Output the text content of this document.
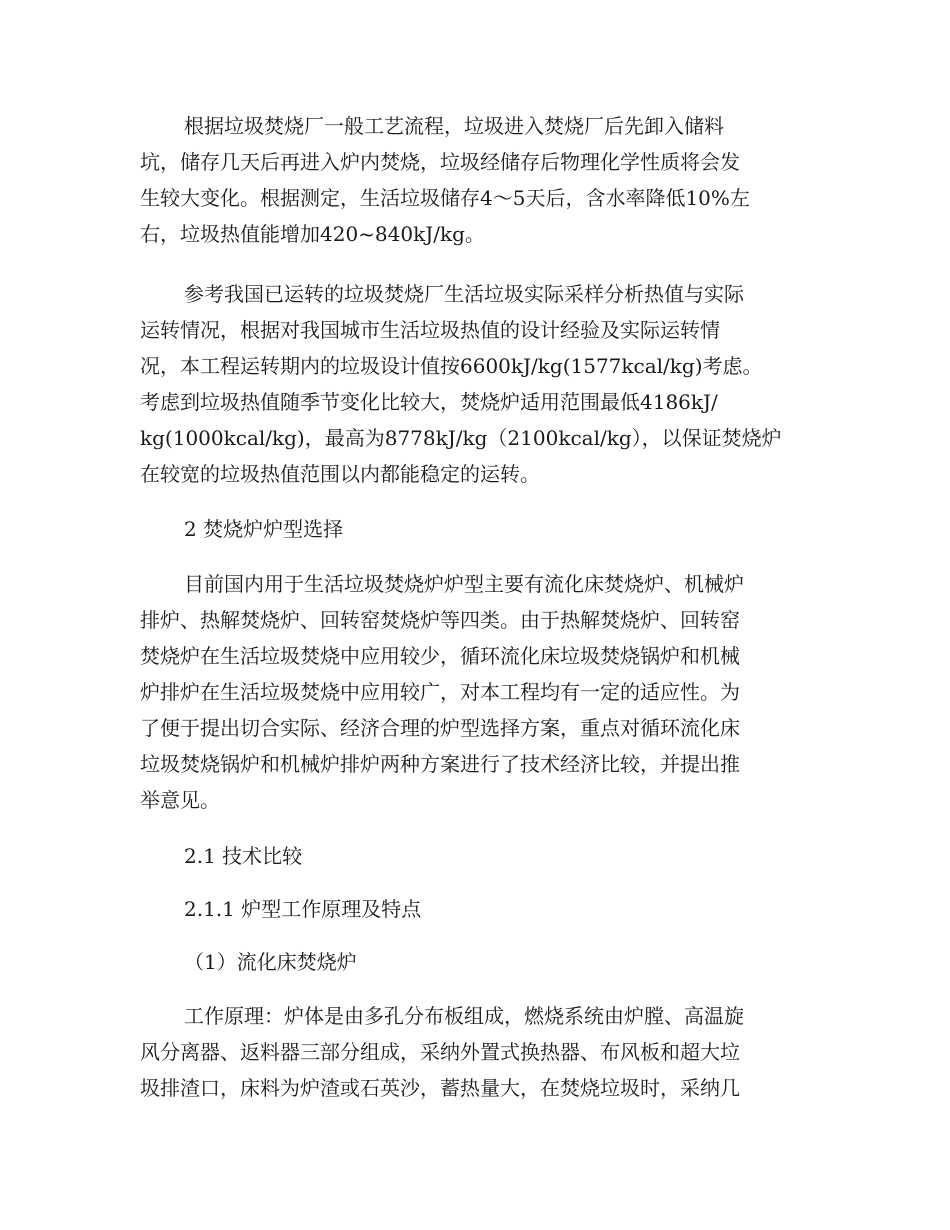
根据垃圾焚烧厂一般工艺流程，垃圾进入焚烧厂后先卸入储料
坑，储存几天后再进入炉内焚烧，垃圾经储存后物理化学性质将会发
生较大变化。根据测定，生活垃圾储存4～5天后，含水率降低10%左
右，垃圾热值能增加420~840kJ/kg。
参考我国已运转的垃圾焚烧厂生活垃圾实际采样分析热值与实际
运转情况，根据对我国城市生活垃圾热值的设计经验及实际运转情
况，本工程运转期内的垃圾设计值按6600kJ/kg(1577kcal/kg)考虑。
考虑到垃圾热值随季节变化比较大，焚烧炉适用范围最低4186kJ/
kg(1000kcal/kg)，最高为8778kJ/kg（2100kcal/kg），以保证焚烧炉
在较宽的垃圾热值范围以内都能稳定的运转。
2 焚烧炉炉型选择
目前国内用于生活垃圾焚烧炉炉型主要有流化床焚烧炉、机械炉
排炉、热解焚烧炉、回转窑焚烧炉等四类。由于热解焚烧炉、回转窑
焚烧炉在生活垃圾焚烧中应用较少，循环流化床垃圾焚烧锅炉和机械
炉排炉在生活垃圾焚烧中应用较广，对本工程均有一定的适应性。为
了便于提出切合实际、经济合理的炉型选择方案，重点对循环流化床
垃圾焚烧锅炉和机械炉排炉两种方案进行了技术经济比较，并提出推
举意见。
2.1 技术比较
2.1.1 炉型工作原理及特点
（1）流化床焚烧炉
工作原理：炉体是由多孔分布板组成，燃烧系统由炉膛、高温旋
风分离器、返料器三部分组成，采纳外置式换热器、布风板和超大垃
圾排渣口，床料为炉渣或石英沙，蓄热量大，在焚烧垃圾时，采纳几
